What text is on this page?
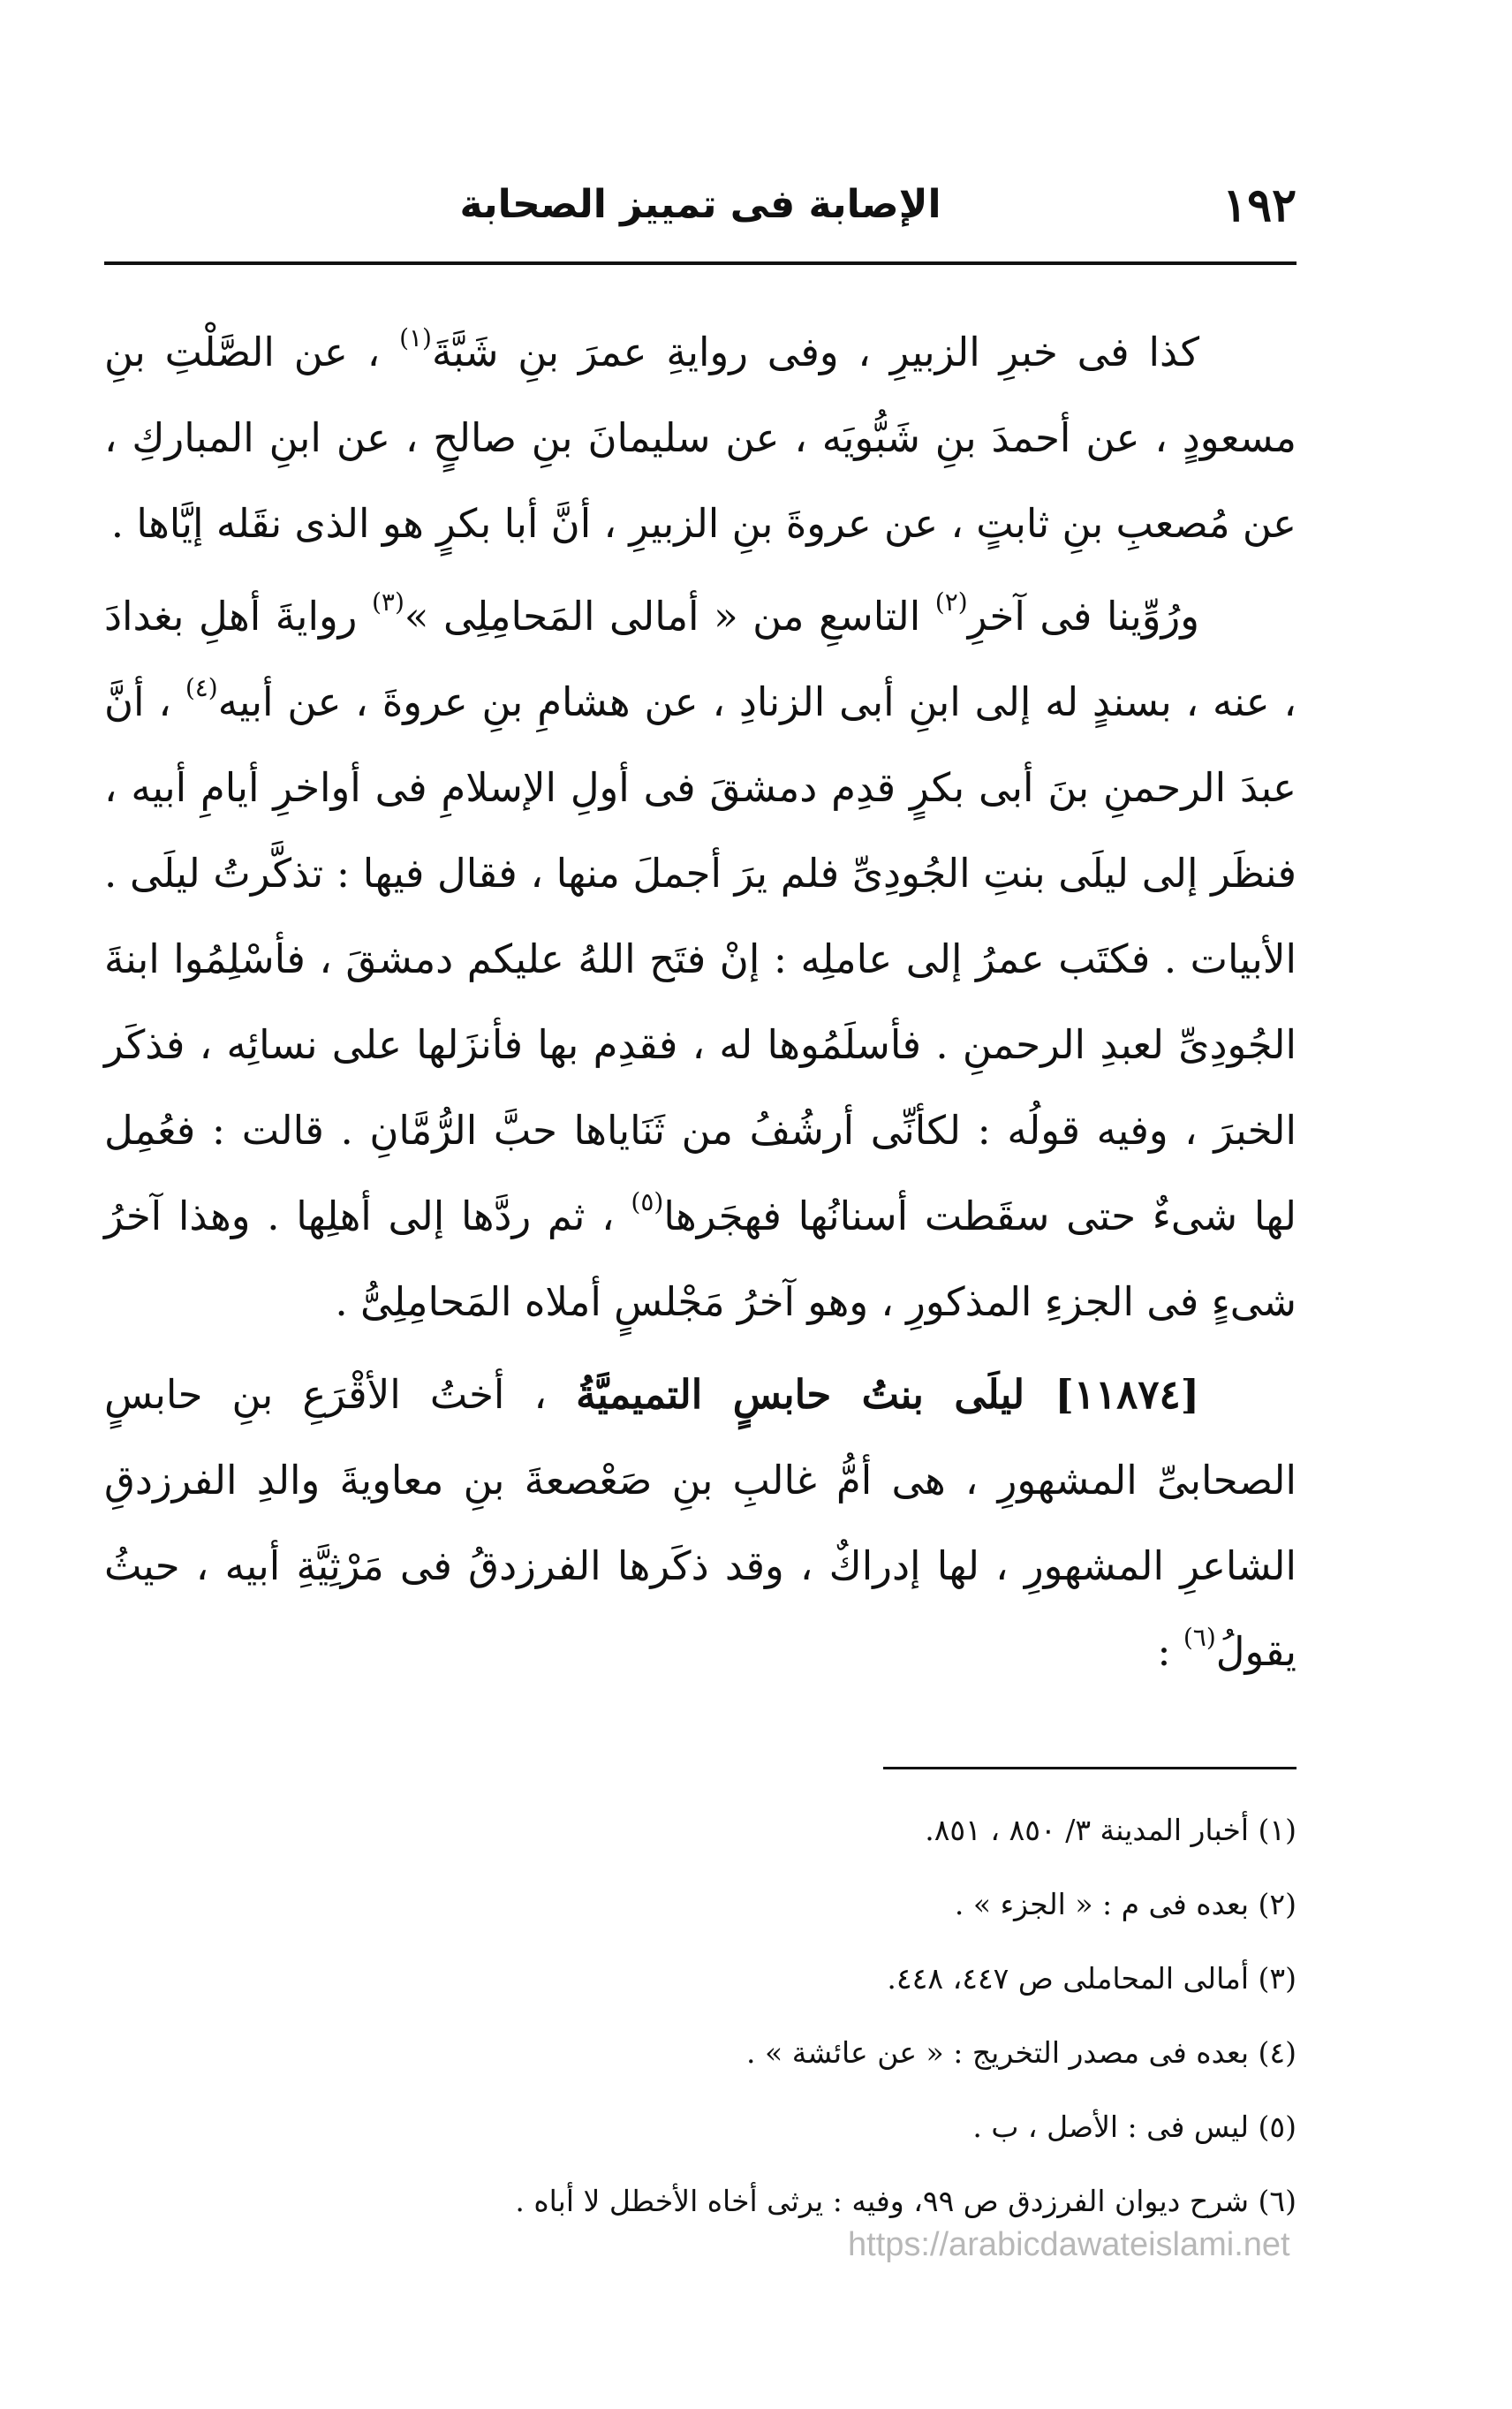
١٩٢
الإصابة فى تمييز الصحابة

كذا فى خبرِ الزبيرِ ، وفى روايةِ عمرَ بنِ شَبَّةَ$^{(١)}$ ، عن الصَّلْتِ بنِ مسعودٍ ، عن أحمدَ بنِ شَبُّويَه ، عن سليمانَ بنِ صالحٍ ، عن ابنِ المباركِ ، عن مُصعبِ بنِ ثابتٍ ، عن عروةَ بنِ الزبيرِ ، أنَّ أبا بكرٍ هو الذى نقَله إيَّاها .

ورُوِّينا فى آخرِ$^{(٢)}$ التاسعِ من « أمالى المَحامِلِى »$^{(٣)}$ روايةَ أهلِ بغدادَ ، عنه ، بسندٍ له إلى ابنِ أبى الزنادِ ، عن هشامِ بنِ عروةَ ، عن أبيه$^{(٤)}$ ، أنَّ عبدَ الرحمنِ بنَ أبى بكرٍ قدِم دمشقَ فى أولِ الإسلامِ فى أواخرِ أيامِ أبيه ، فنظَر إلى ليلَى بنتِ الجُودِىِّ فلم يرَ أجملَ منها ، فقال فيها : تذكَّرتُ ليلَى . الأبيات . فكتَب عمرُ إلى عاملِه : إنْ فتَح اللهُ عليكم دمشقَ ، فأسْلِمُوا ابنةَ الجُودِىِّ لعبدِ الرحمنِ . فأسلَمُوها له ، فقدِم بها فأنزَلها على نسائِه ، فذكَر الخبرَ ، وفيه قولُه : لكأنِّى أرشُفُ من ثَنَاياها حبَّ الرُّمَّانِ . قالت : فعُمِل لها شىءٌ حتى سقَطت أسنانُها فهجَرها$^{(٥)}$ ، ثم ردَّها إلى أهلِها . وهذا آخرُ شىءٍ فى الجزءِ المذكورِ ، وهو آخرُ مَجْلسٍ أملاه المَحامِلِىُّ .

[١١٨٧٤] ليلَى بنتُ حابسٍ التميميَّةُ ، أختُ الأقْرَعِ بنِ حابسٍ الصحابىِّ المشهورِ ، هى أمُّ غالبِ بنِ صَعْصعةَ بنِ معاويةَ والدِ الفرزدقِ الشاعرِ المشهورِ ، لها إدراكٌ ، وقد ذكَرها الفرزدقُ فى مَرْثِيَّةِ أبيه ، حيثُ يقولُ$^{(٦)}$ :

(١) أخبار المدينة ٣/ ٨٥٠ ، ٨٥١.
(٢) بعده فى م : « الجزء » .
(٣) أمالى المحاملى ص ٤٤٧، ٤٤٨.
(٤) بعده فى مصدر التخريج : « عن عائشة » .
(٥) ليس فى : الأصل ، ب .
(٦) شرح ديوان الفرزدق ص ٩٩، وفيه : يرثى أخاه الأخطل لا أباه .
https://arabicdawateislami.net
